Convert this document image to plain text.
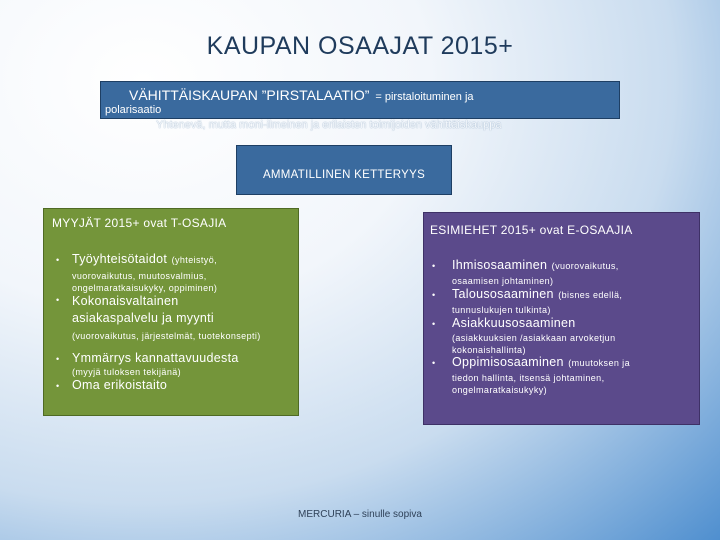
KAUPAN OSAAJAT 2015+
VÄHITTÄISKAUPAN ”PIRSTALAATIO” = pirstaloituminen ja
polarisaatio
Yhtenevä, mutta moni-ilmeinen ja erilaisten toimijoiden vähittäiskauppa
AMMATILLINEN KETTERYYS
MYYJÄT 2015+ ovat T-OSAJIA
• Työyhteisötaidot (yhteistyö,
vuorovaikutus, muutosvalmius, ongelmaratkaisukyky, oppiminen)
• Kokonaisvaltainen asiakaspalvelu ja myynti
(vuorovaikutus, järjestelmät, tuotekonsepti)
• Ymmärrys kannattavuudesta
(myyjä tuloksen tekijänä)
• Oma erikoistaito
ESIMIEHET 2015+ ovat E-OSAAJIA
• Ihmisosaaminen (vuorovaikutus,
osaamisen johtaminen)
• Talousosaaminen (bisnes edellä,
tunnuslukujen tulkinta)
• Asiakkuusosaaminen
(asiakkuuksien /asiakkaan arvoketjun kokonaishallinta)
• Oppimisosaaminen (muutoksen ja
tiedon hallinta, itsensä johtaminen, ongelmaratkaisukyky)
MERCURIA – sinulle sopiva
